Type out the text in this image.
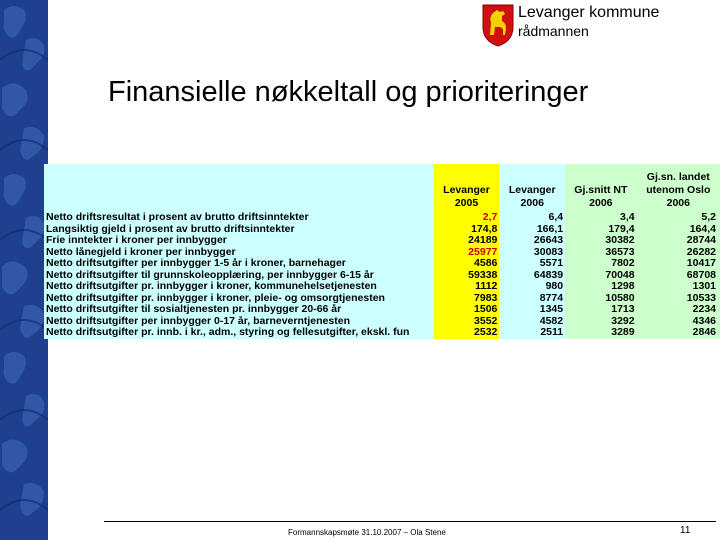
Levanger kommune
rådmannen
Finansielle nøkkeltall og prioriteringer
	Levanger 2005	Levanger 2006	Gj.snitt NT 2006	Gj.sn. landet utenom Oslo 2006
Netto driftsresultat i prosent av brutto driftsinntekter	2,7	6,4	3,4	5,2
Langsiktig gjeld i prosent av brutto driftsinntekter	174,8	166,1	179,4	164,4
Frie inntekter i kroner per innbygger	24189	26643	30382	28744
Netto lånegjeld i kroner per innbygger	25977	30083	36573	26282
Netto driftsutgifter per innbygger 1-5 år i kroner, barnehager	4586	5571	7802	10417
Netto driftsutgifter til grunnskoleopplæring, per innbygger 6-15 år	59338	64839	70048	68708
Netto driftsutgifter pr. innbygger i kroner, kommunehelsetjenesten	1112	980	1298	1301
Netto driftsutgifter pr. innbygger i kroner, pleie- og omsorgtjenesten	7983	8774	10580	10533
Netto driftsutgifter til sosialtjenesten pr. innbygger 20-66 år	1506	1345	1713	2234
Netto driftsutgifter per innbygger 0-17 år, barneverntjenesten	3552	4582	3292	4346
Netto driftsutgifter pr. innb. i kr., adm., styring og fellesutgifter, ekskl. fun	2532	2511	3289	2846
Formannskapsmøte 31.10.2007 – Ola Stene	11
